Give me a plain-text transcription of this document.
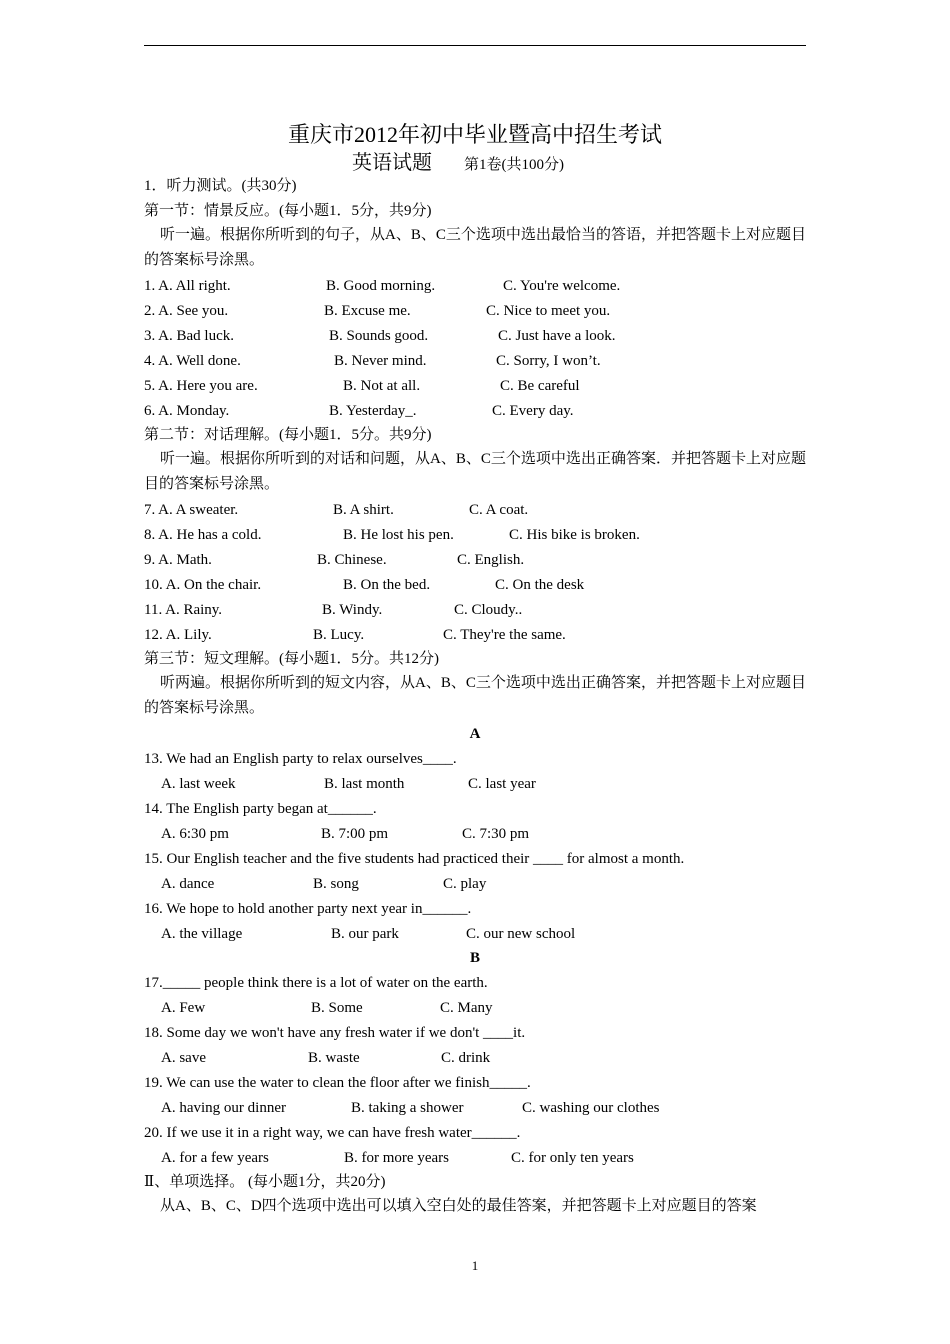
重庆市2012年初中毕业暨高中招生考试
英语试题 第1卷(共100分)
1．听力测试。(共30分)
第一节：情景反应。(每小题1．5分，共9分)
听一遍。根据你所听到的句子，从A、B、C三个选项中选出最恰当的答语，并把答题卡上对应题目的答案标号涂黑。
1. A. All right.	B. Good morning.	C. You're welcome.
2. A. See you.	B. Excuse me.	C. Nice to meet you.
3. A. Bad luck.	B. Sounds good.	C. Just have a look.
4. A. Well done.	B. Never mind.	C. Sorry, I won’t.
5. A. Here you are.	B. Not at all.	C. Be careful
6. A. Monday.	B. Yesterday_.	C. Every day.
第二节：对话理解。(每小题1．5分。共9分)
听一遍。根据你所听到的对话和问题，从A、B、C三个选项中选出正确答案．并把答题卡上对应题目的答案标号涂黑。
7. A. A sweater.	B. A shirt.	C. A coat.
8. A. He has a cold.	B. He lost his pen.	C. His bike is broken.
9. A. Math.	B. Chinese.	C. English.
10. A. On the chair.	B. On the bed.	C. On the desk
11. A. Rainy.	B. Windy.	C. Cloudy..
12. A. Lily.	B. Lucy.	C. They're the same.
第三节：短文理解。(每小题1．5分。共12分)
听两遍。根据你所听到的短文内容，从A、B、C三个选项中选出正确答案，并把答题卡上对应题目的答案标号涂黑。
A
13. We had an English party to relax ourselves____.
A. last week	B. last month	C. last year
14. The English party began at______.
A. 6:30 pm	B. 7:00 pm	C. 7:30 pm
15. Our English teacher and the five students had practiced their ____ for almost a month.
A. dance	B. song	C. play
16. We hope to hold another party next year in______.
A. the village	B. our park	C. our new school
B
17._____ people think there is a lot of water on the earth.
A. Few	B. Some	C. Many
18. Some day we won't have any fresh water if we don't ____it.
A. save	B. waste	C. drink
19. We can use the water to clean the floor after we finish_____.
A. having our dinner	B. taking a shower	C. washing our clothes
20. If we use it in a right way, we can have fresh water______.
A. for a few years	B. for more years	C. for only ten years
Ⅱ、单项选择。 (每小题1分，共20分)
从A、B、C、D四个选项中选出可以填入空白处的最佳答案，并把答题卡上对应题目的答案
1
